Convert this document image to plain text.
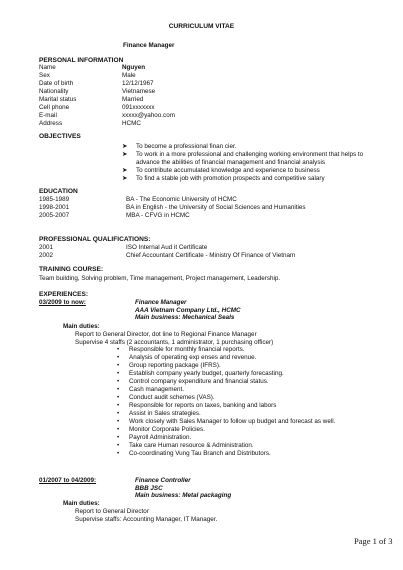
CURRICULUM VITAE
Finance Manager
PERSONAL INFORMATION
Name	Nguyen
Sex	Male
Date of birth	12/12/1967
Nationality	Vietnamese
Marital status	Married
Cell phone	091xxxxxxx
E-mail	xxxxx@yahoo.com
Address	HCMC
OBJECTIVES
➤ To become a professional finan cier.
➤ To work in a more professional and challenging working environment that helps to
advance the abilities of financial management and financial analysis
➤ To contribute accumulated knowledge and experience to business
➤ To find a stable job with promotion prospects and competitive salary
EDUCATION
1985-1989	BA - The Economic University of HCMC
1998-2001	BA in English - the University of Social Sciences and Humanities
2005-2007	MBA - CFVG in HCMC
PROFESSIONAL QUALIFICATIONS:
2001	ISO Internal Aud it Certificate
2002	Chief Accountant Certificate - Ministry Of Finance of Vietnam
TRAINING COURSE:
Team building, Solving problem, Time management, Project management, Leadership.
EXPERIENCES:
03/2009 to now:	Finance Manager
AAA Vietnam Company Ltd., HCMC
Main business: Mechanical Seals
Main duties:
Report to General Director, dot line to Regional Finance Manager
Supervise 4 staffs (2 accountants, 1 administrator, 1 purchasing officer)
• Responsible for monthly financial reports.
• Analysis of operating exp enses and revenue.
• Group reporting package (IFRS).
• Establish company yearly budget, quarterly forecasting.
• Control company expenditure and financial status.
• Cash management.
• Conduct audit schemes (VAS).
• Responsible for reports on taxes, banking and labors
• Assist in Sales strategies.
• Work closely with Sales Manager to follow up budget and forecast as well.
• Monitor Corporate Policies.
• Payroll Administration.
• Take care Human resource & Administration.
• Co-coordinating Vung Tau Branch and Distributors.
01/2007 to 04/2009:	Finance Controller
BBB JSC
Main business: Metal packaging
Main duties:
Report to General Director
Supervise staffs: Accounting Manager, IT Manager.
Page 1 of 3
